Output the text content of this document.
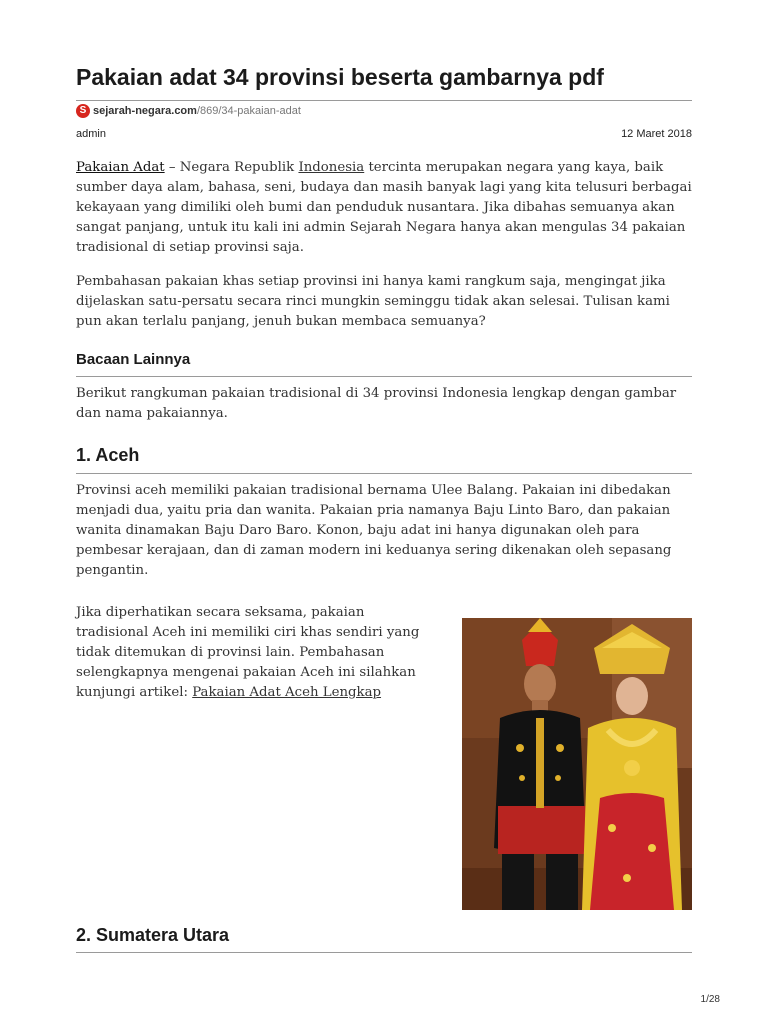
Pakaian adat 34 provinsi beserta gambarnya pdf
S sejarah-negara.com /869/34-pakaian-adat
admin	12 Maret 2018

Pakaian Adat – Negara Republik Indonesia tercinta merupakan negara yang kaya, baik sumber daya alam, bahasa, seni, budaya dan masih banyak lagi yang kita telusuri berbagai kekayaan yang dimiliki oleh bumi dan penduduk nusantara. Jika dibahas semuanya akan sangat panjang, untuk itu kali ini admin Sejarah Negara hanya akan mengulas 34 pakaian tradisional di setiap provinsi saja.

Pembahasan pakaian khas setiap provinsi ini hanya kami rangkum saja, mengingat jika dijelaskan satu-persatu secara rinci mungkin seminggu tidak akan selesai. Tulisan kami pun akan terlalu panjang, jenuh bukan membaca semuanya?

Bacaan Lainnya

Berikut rangkuman pakaian tradisional di 34 provinsi Indonesia lengkap dengan gambar dan nama pakaiannya.

1. Aceh

Provinsi aceh memiliki pakaian tradisional bernama Ulee Balang. Pakaian ini dibedakan menjadi dua, yaitu pria dan wanita. Pakaian pria namanya Baju Linto Baro, dan pakaian wanita dinamakan Baju Daro Baro. Konon, baju adat ini hanya digunakan oleh para pembesar kerajaan, dan di zaman modern ini keduanya sering dikenakan oleh sepasang pengantin.

Jika diperhatikan secara seksama, pakaian tradisional Aceh ini memiliki ciri khas sendiri yang tidak ditemukan di provinsi lain. Pembahasan selengkapnya mengenai pakaian Aceh ini silahkan kunjungi artikel: Pakaian Adat Aceh Lengkap

2. Sumatera Utara
1/28
